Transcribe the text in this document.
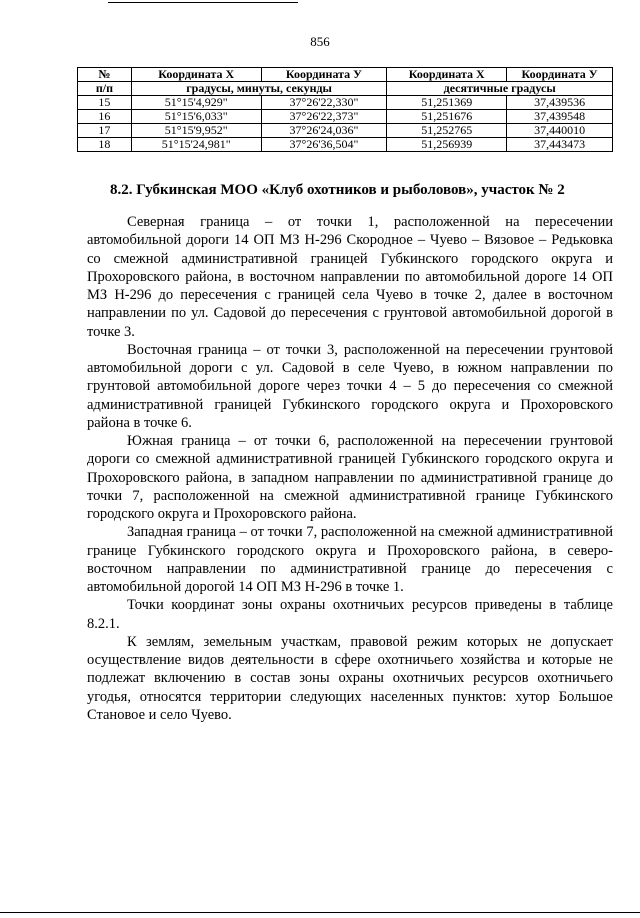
856
№	Координата X	Координата У	Координата X	Координата У
п/п	градусы, минуты, секунды		десятичные градусы	
15	51°15'4,929"	37°26'22,330"	51,251369	37,439536
16	51°15'6,033"	37°26'22,373"	51,251676	37,439548
17	51°15'9,952"	37°26'24,036"	51,252765	37,440010
18	51°15'24,981"	37°26'36,504"	51,256939	37,443473
8.2. Губкинская МОО «Клуб охотников и рыболовов», участок № 2

Северная граница – от точки 1, расположенной на пересечении автомобильной дороги 14 ОП МЗ Н-296 Скородное – Чуево – Вязовое – Редьковка со смежной административной границей Губкинского городского округа и Прохоровского района, в восточном направлении по автомобильной дороге 14 ОП МЗ Н-296 до пересечения с границей села Чуево в точке 2, далее в восточном направлении по ул. Садовой до пересечения с грунтовой автомобильной дорогой в точке 3.

Восточная граница – от точки 3, расположенной на пересечении грунтовой автомобильной дороги с ул. Садовой в селе Чуево, в южном направлении по грунтовой автомобильной дороге через точки 4 – 5 до пересечения со смежной административной границей Губкинского городского округа и Прохоровского района в точке 6.

Южная граница – от точки 6, расположенной на пересечении грунтовой дороги со смежной административной границей Губкинского городского округа и Прохоровского района, в западном направлении по административной границе до точки 7, расположенной на смежной административной границе Губкинского городского округа и Прохоровского района.

Западная граница – от точки 7, расположенной на смежной административной границе Губкинского городского округа и Прохоровского района, в северо-восточном направлении по административной границе до пересечения с автомобильной дорогой 14 ОП МЗ Н-296 в точке 1.

Точки координат зоны охраны охотничьих ресурсов приведены в таблице 8.2.1.

К землям, земельным участкам, правовой режим которых не допускает осуществление видов деятельности в сфере охотничьего хозяйства и которые не подлежат включению в состав зоны охраны охотничьих ресурсов охотничьего угодья, относятся территории следующих населенных пунктов: хутор Большое Становое и село Чуево.
